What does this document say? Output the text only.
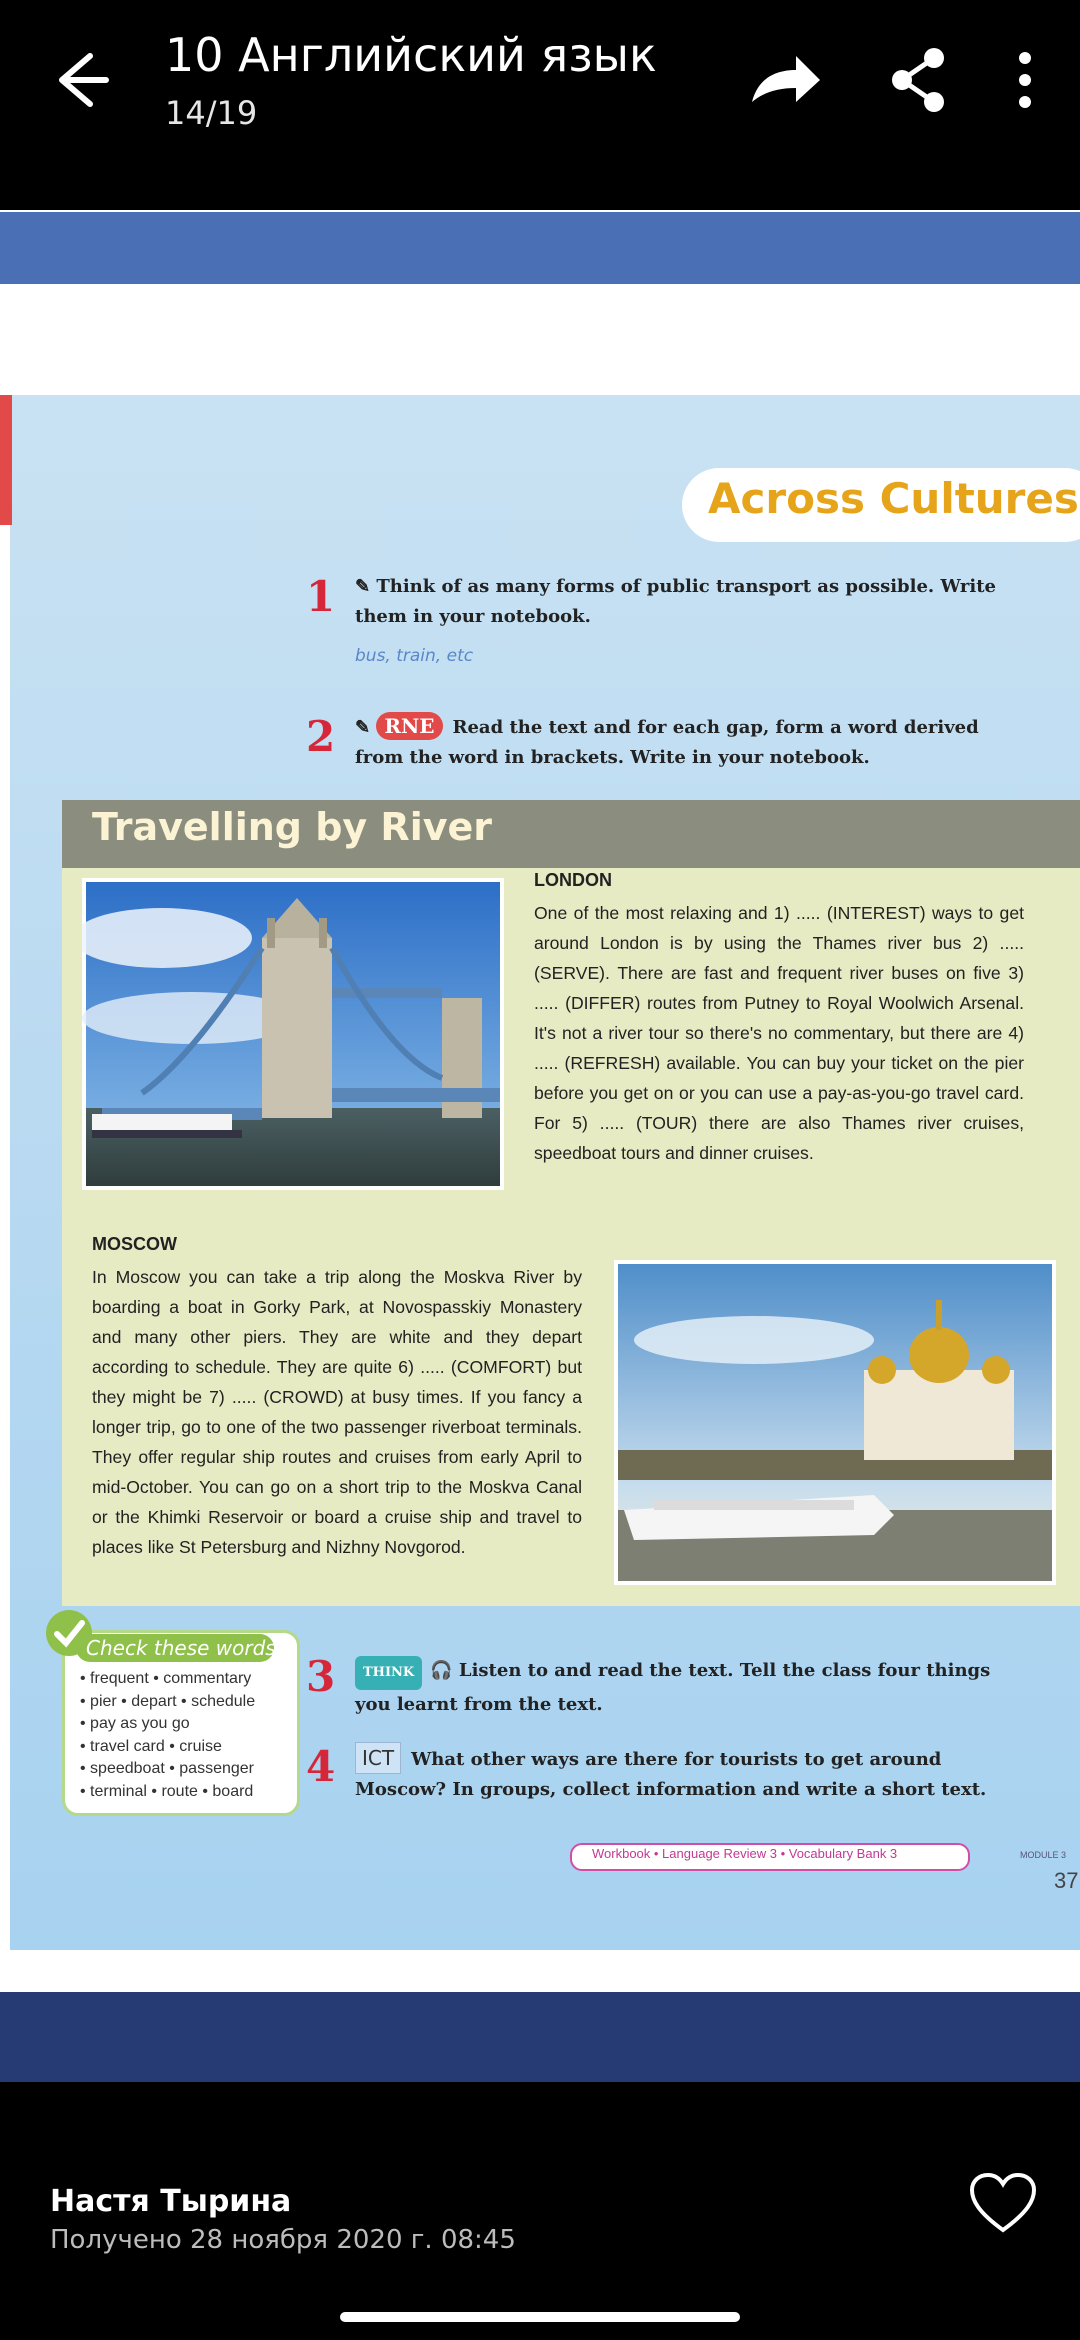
10 Английский язык
14/19
Across Cultures
1 ✎ Think of as many forms of public transport as possible. Write them in your notebook.
bus, train, etc
2 ✎ RNE Read the text and for each gap, form a word derived from the word in brackets. Write in your notebook.
Travelling by River
LONDON
One of the most relaxing and 1) ..... (INTEREST) ways to get around London is by using the Thames river bus 2) ..... (SERVE). There are fast and frequent river buses on five 3) ..... (DIFFER) routes from Putney to Royal Woolwich Arsenal. It's not a river tour so there's no commentary, but there are 4) ..... (REFRESH) available. You can buy your ticket on the pier before you get on or you can use a pay-as-you-go travel card. For 5) ..... (TOUR) there are also Thames river cruises, speedboat tours and dinner cruises.
MOSCOW
In Moscow you can take a trip along the Moskva River by boarding a boat in Gorky Park, at Novospasskiy Monastery and many other piers. They are white and they depart according to schedule. They are quite 6) ..... (COMFORT) but they might be 7) ..... (CROWD) at busy times. If you fancy a longer trip, go to one of the two passenger riverboat terminals. They offer regular ship routes and cruises from early April to mid-October. You can go on a short trip to the Moskva Canal or the Khimki Reservoir or board a cruise ship and travel to places like St Petersburg and Nizhny Novgorod.
Check these words
• frequent • commentary
• pier • depart • schedule
• pay as you go
• travel card • cruise
• speedboat • passenger
• terminal • route • board
3	THINK 🎧 Listen to and read the text. Tell the class four things you learnt from the text.
4	ICT What other ways are there for tourists to get around Moscow? In groups, collect information and write a short text.
Workbook • Language Review 3 • Vocabulary Bank 3	MODULE 3
37
Настя Тырина
Получено 28 ноября 2020 г. 08:45
